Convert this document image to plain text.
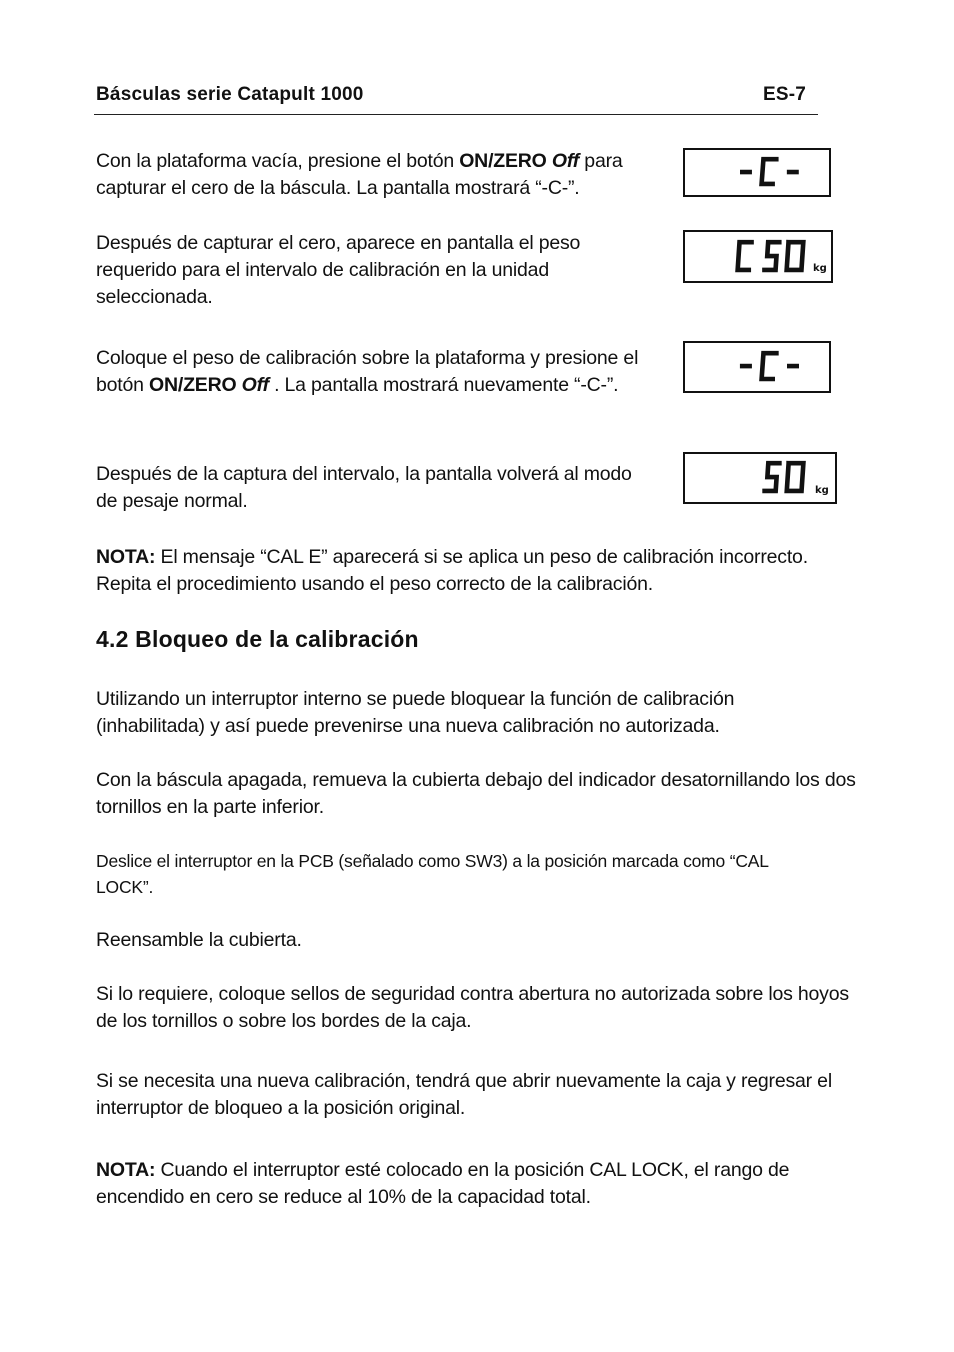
Básculas serie Catapult 1000	ES-7
Con la plataforma vacía, presione el botón ON/ZERO Off para capturar el cero de la báscula. La pantalla mostrará “-C-”.
Después de capturar el cero, aparece en pantalla el peso requerido para el intervalo de calibración en la unidad seleccionada.
kg
Coloque el peso de calibración sobre la plataforma y presione el botón ON/ZERO Off . La pantalla mostrará nuevamente “-C-”.
Después de la captura del intervalo, la pantalla volverá al modo de pesaje normal.	kg
NOTA: El mensaje “CAL E” aparecerá si se aplica un peso de calibración incorrecto. Repita el procedimiento usando el peso correcto de la calibración.
4.2 Bloqueo de la calibración
Utilizando un interruptor interno se puede bloquear la función de calibración (inhabilitada) y así puede prevenirse una nueva calibración no autorizada.
Con la báscula apagada, remueva la cubierta debajo del indicador desatornillando los dos tornillos en la parte inferior.
Deslice el interruptor en la PCB (señalado como SW3) a la posición marcada como “CAL LOCK”.
Reensamble la cubierta.
Si lo requiere, coloque sellos de seguridad contra abertura no autorizada sobre los hoyos de los tornillos o sobre los bordes de la caja.
Si se necesita una nueva calibración, tendrá que abrir nuevamente la caja y regresar el interruptor de bloqueo a la posición original.
NOTA: Cuando el interruptor esté colocado en la posición CAL LOCK, el rango de encendido en cero se reduce al 10% de la capacidad total.
